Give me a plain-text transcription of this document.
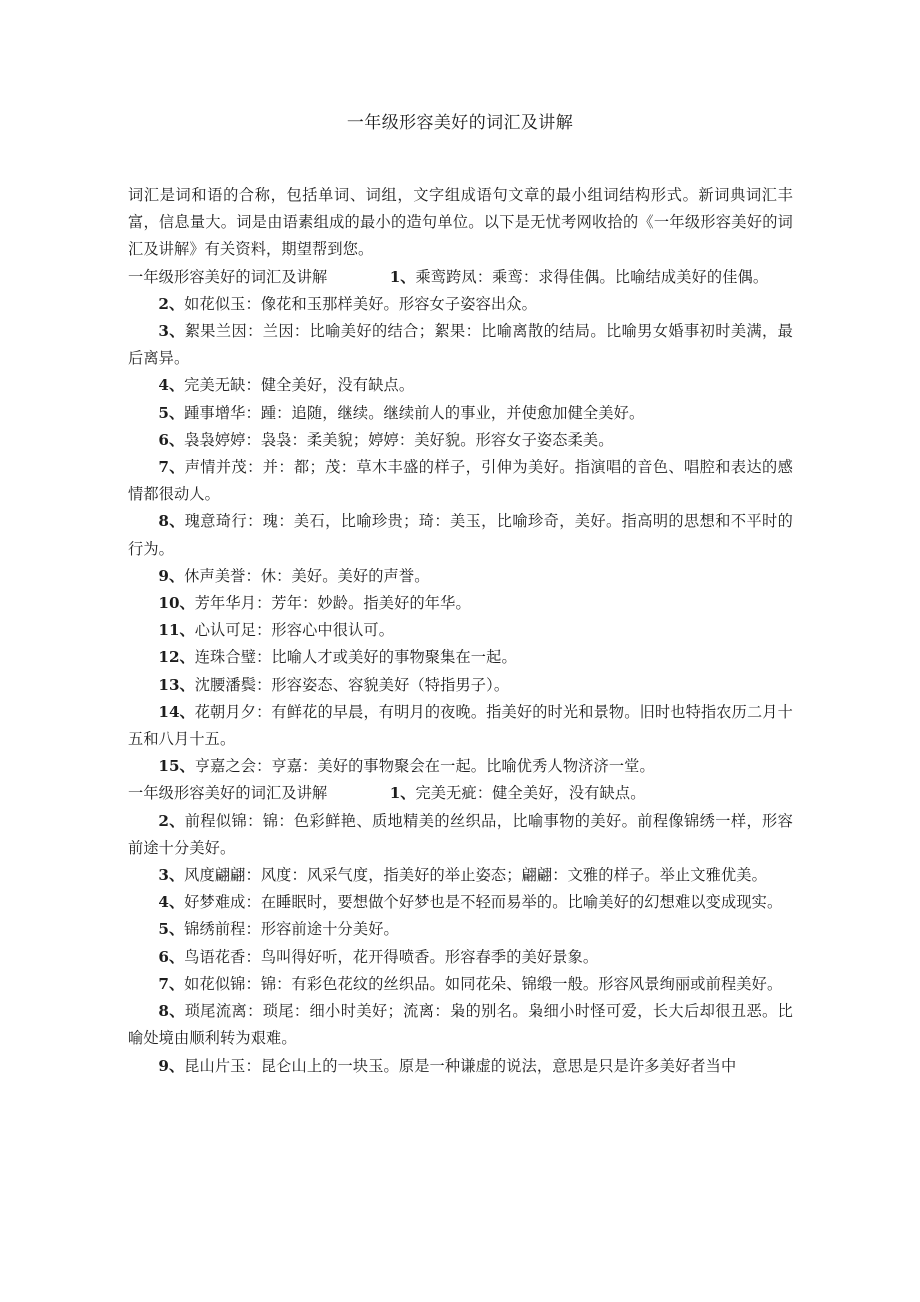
一年级形容美好的词汇及讲解

词汇是词和语的合称，包括单词、词组，文字组成语句文章的最小组词结构形式。新词典词汇丰富，信息量大。词是由语素组成的最小的造句单位。以下是无忧考网收拾的《一年级形容美好的词汇及讲解》有关资料，期望帮到您。

一年级形容美好的词汇及讲解	1、乘鸾跨凤：乘鸾：求得佳偶。比喻结成美好的佳偶。

2、如花似玉：像花和玉那样美好。形容女子姿容出众。

3、絮果兰因：兰因：比喻美好的结合；絮果：比喻离散的结局。比喻男女婚事初时美满，最后离异。

4、完美无缺：健全美好，没有缺点。

5、踵事增华：踵：追随，继续。继续前人的事业，并使愈加健全美好。

6、袅袅婷婷：袅袅：柔美貌；婷婷：美好貌。形容女子姿态柔美。

7、声情并茂：并：都；茂：草木丰盛的样子，引伸为美好。指演唱的音色、唱腔和表达的感情都很动人。

8、瑰意琦行：瑰：美石，比喻珍贵；琦：美玉，比喻珍奇，美好。指高明的思想和不平时的行为。

9、休声美誉：休：美好。美好的声誉。

10、芳年华月：芳年：妙龄。指美好的年华。

11、心认可足：形容心中很认可。

12、连珠合璧：比喻人才或美好的事物聚集在一起。

13、沈腰潘鬓：形容姿态、容貌美好（特指男子）。

14、花朝月夕：有鲜花的早晨，有明月的夜晚。指美好的时光和景物。旧时也特指农历二月十五和八月十五。

15、亨嘉之会：亨嘉：美好的事物聚会在一起。比喻优秀人物济济一堂。

一年级形容美好的词汇及讲解	1、完美无疵：健全美好，没有缺点。

2、前程似锦：锦：色彩鲜艳、质地精美的丝织品，比喻事物的美好。前程像锦绣一样，形容前途十分美好。

3、风度翩翩：风度：风采气度，指美好的举止姿态；翩翩：文雅的样子。举止文雅优美。

4、好梦难成：在睡眠时，要想做个好梦也是不轻而易举的。比喻美好的幻想难以变成现实。

5、锦绣前程：形容前途十分美好。

6、鸟语花香：鸟叫得好听，花开得喷香。形容春季的美好景象。

7、如花似锦：锦：有彩色花纹的丝织品。如同花朵、锦缎一般。形容风景绚丽或前程美好。

8、琐尾流离：琐尾：细小时美好；流离：枭的别名。枭细小时怪可爱，长大后却很丑恶。比喻处境由顺利转为艰难。

9、昆山片玉：昆仑山上的一块玉。原是一种谦虚的说法，意思是只是许多美好者当中
